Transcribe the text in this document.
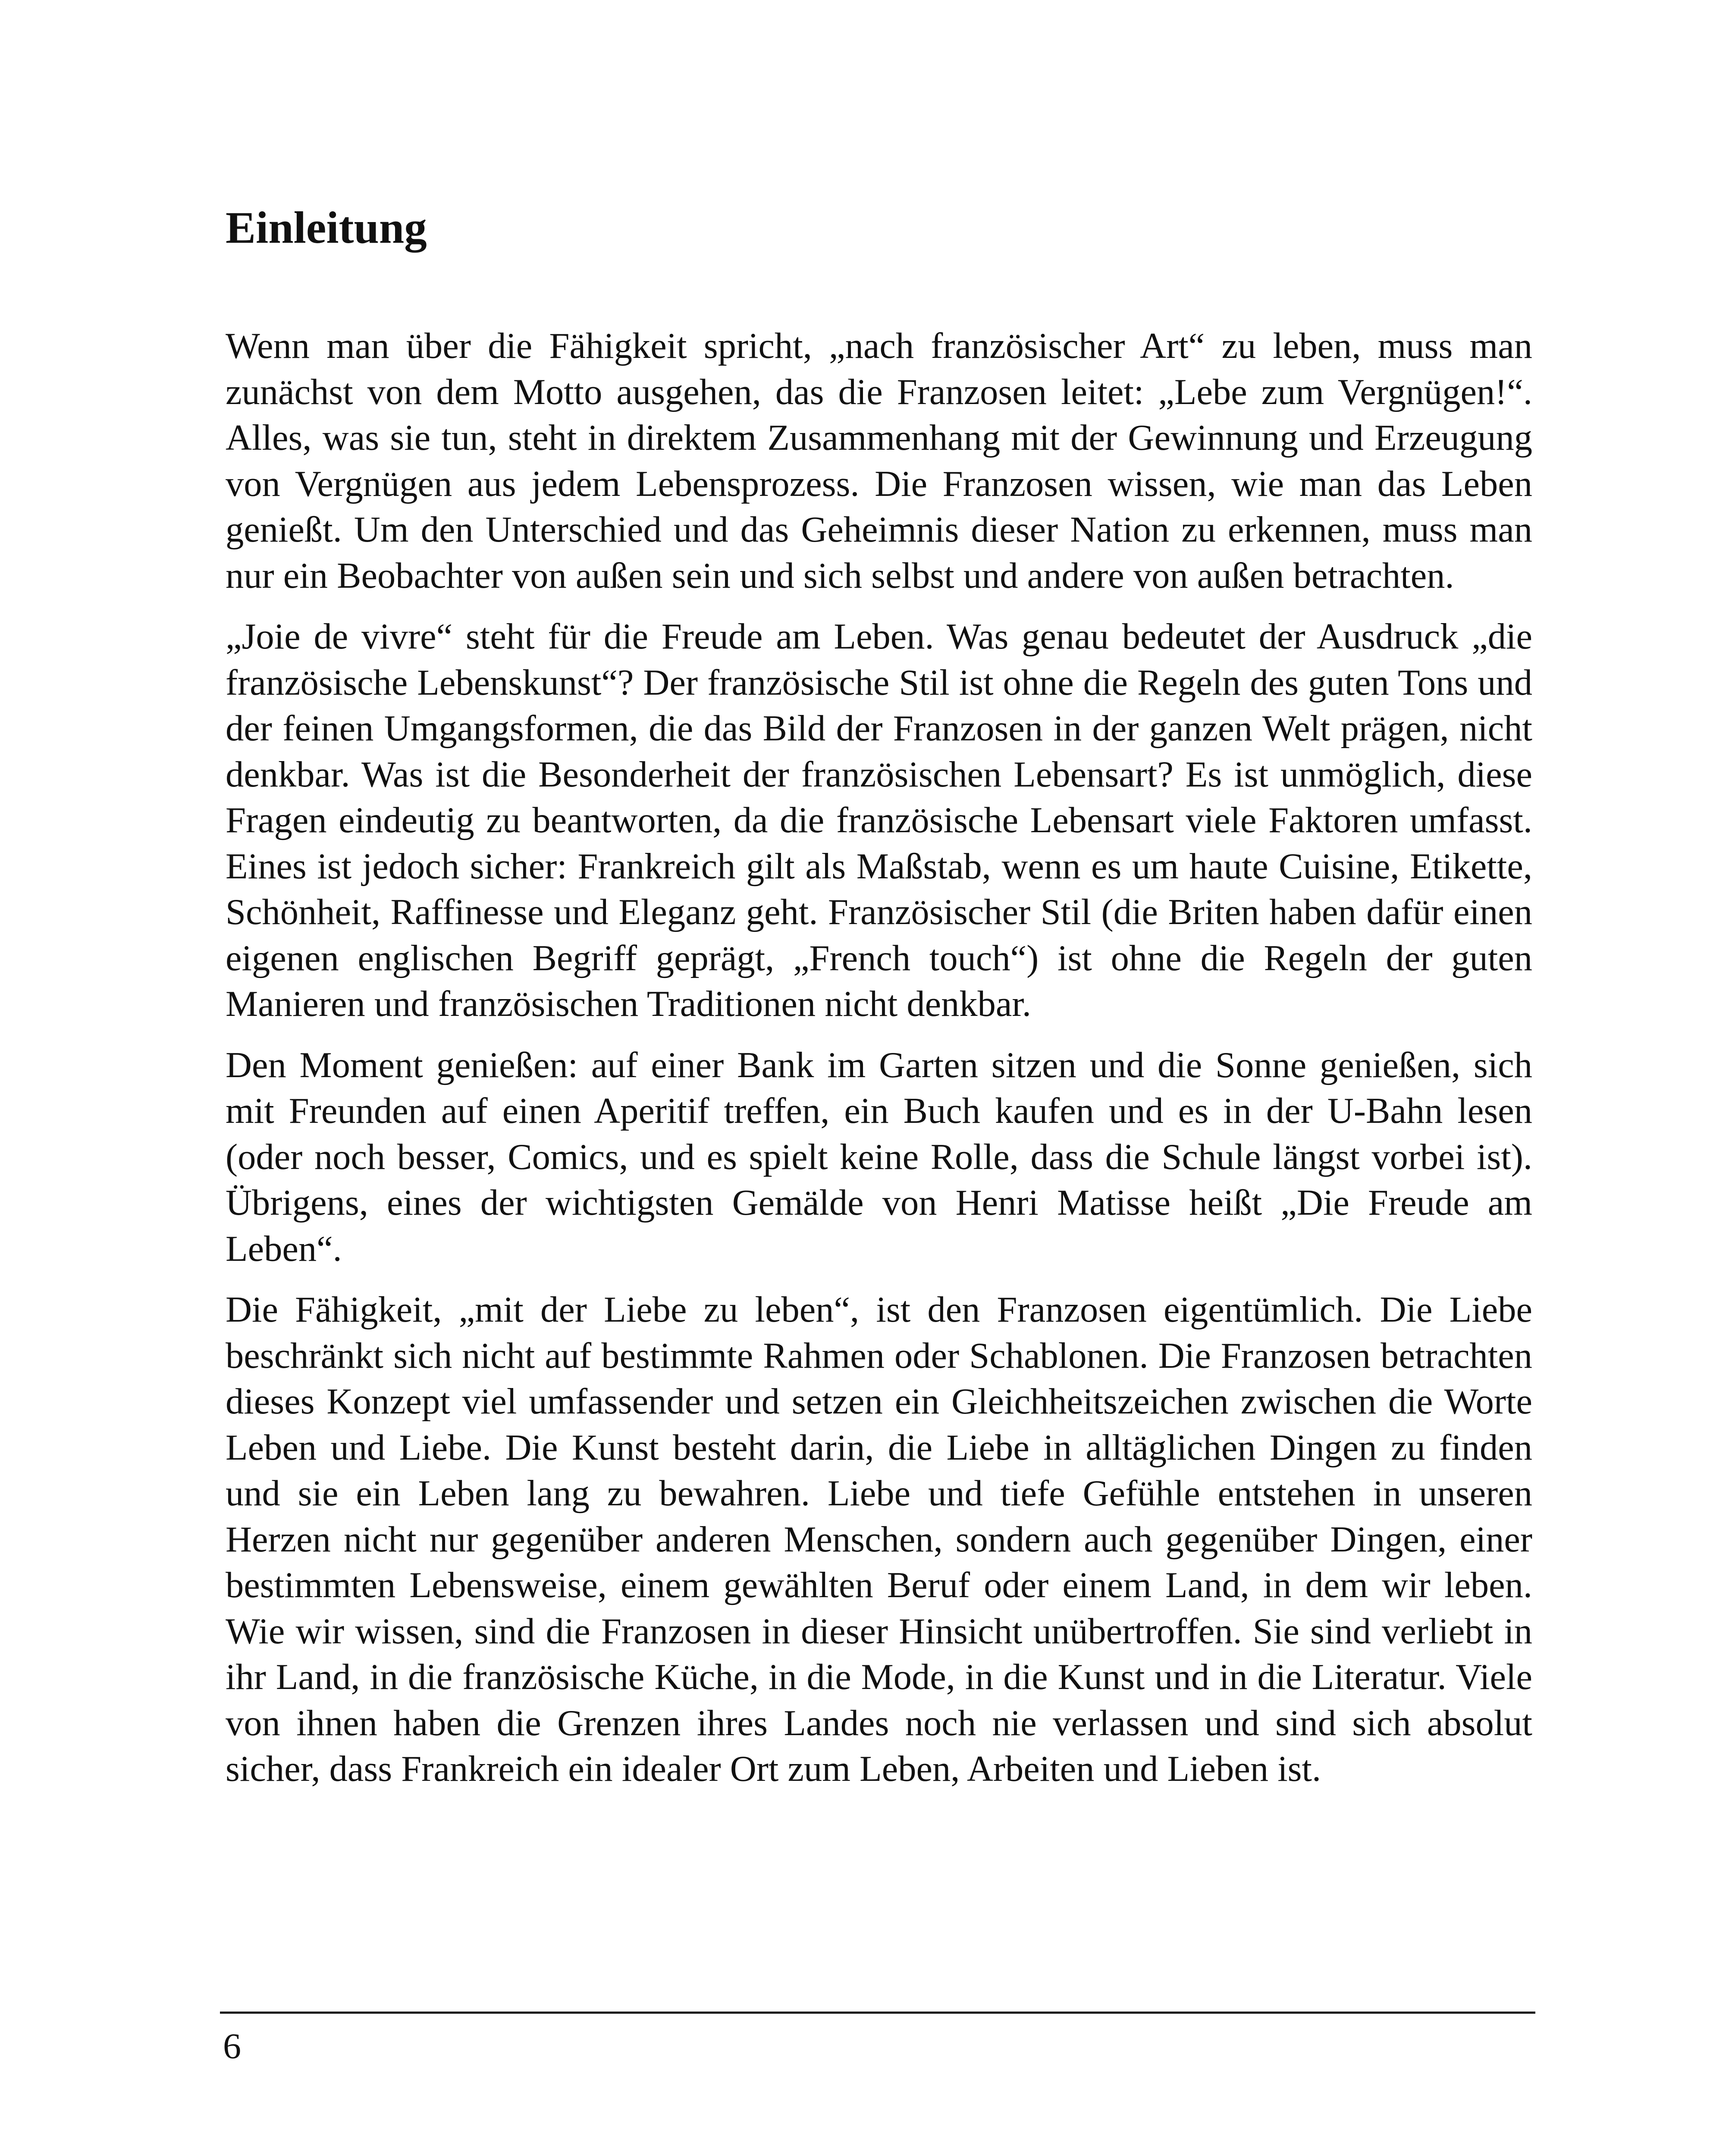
Einleitung

Wenn man über die Fähigkeit spricht, „nach französischer Art“ zu leben, muss man zunächst von dem Motto ausgehen, das die Franzosen leitet: „Lebe zum Vergnügen!“. Alles, was sie tun, steht in direktem Zusammenhang mit der Gewinnung und Erzeugung von Vergnügen aus jedem Lebensprozess. Die Franzosen wissen, wie man das Leben genießt. Um den Unterschied und das Geheimnis dieser Nation zu erkennen, muss man nur ein Beobachter von außen sein und sich selbst und andere von außen betrachten.

„Joie de vivre“ steht für die Freude am Leben. Was genau bedeutet der Ausdruck „die französische Lebenskunst“? Der französische Stil ist ohne die Regeln des guten Tons und der feinen Umgangsformen, die das Bild der Franzosen in der ganzen Welt prägen, nicht denkbar. Was ist die Besonderheit der französischen Lebensart? Es ist unmöglich, diese Fragen eindeutig zu beantworten, da die französische Lebensart viele Faktoren umfasst. Eines ist jedoch sicher: Frankreich gilt als Maßstab, wenn es um haute Cuisine, Etikette, Schönheit, Raffinesse und Eleganz geht. Französischer Stil (die Briten haben dafür einen eigenen englischen Begriff geprägt, „French touch“) ist ohne die Regeln der guten Manieren und französischen Traditionen nicht denkbar.

Den Moment genießen: auf einer Bank im Garten sitzen und die Sonne genießen, sich mit Freunden auf einen Aperitif treffen, ein Buch kaufen und es in der U-Bahn lesen (oder noch besser, Comics, und es spielt keine Rolle, dass die Schule längst vorbei ist). Übrigens, eines der wichtigsten Gemälde von Henri Matisse heißt „Die Freude am Leben“.

Die Fähigkeit, „mit der Liebe zu leben“, ist den Franzosen eigentümlich. Die Liebe beschränkt sich nicht auf bestimmte Rahmen oder Schablonen. Die Franzosen betrachten dieses Konzept viel umfassender und setzen ein Gleichheitszeichen zwischen die Worte Leben und Liebe. Die Kunst besteht darin, die Liebe in alltäglichen Dingen zu finden und sie ein Leben lang zu bewahren. Liebe und tiefe Gefühle entstehen in unseren Herzen nicht nur gegenüber anderen Menschen, sondern auch gegenüber Dingen, einer bestimmten Lebensweise, einem gewählten Beruf oder einem Land, in dem wir leben. Wie wir wissen, sind die Franzosen in dieser Hinsicht unübertroffen. Sie sind verliebt in ihr Land, in die französische Küche, in die Mode, in die Kunst und in die Literatur. Viele von ihnen haben die Grenzen ihres Landes noch nie verlassen und sind sich absolut sicher, dass Frankreich ein idealer Ort zum Leben, Arbeiten und Lieben ist.

6
